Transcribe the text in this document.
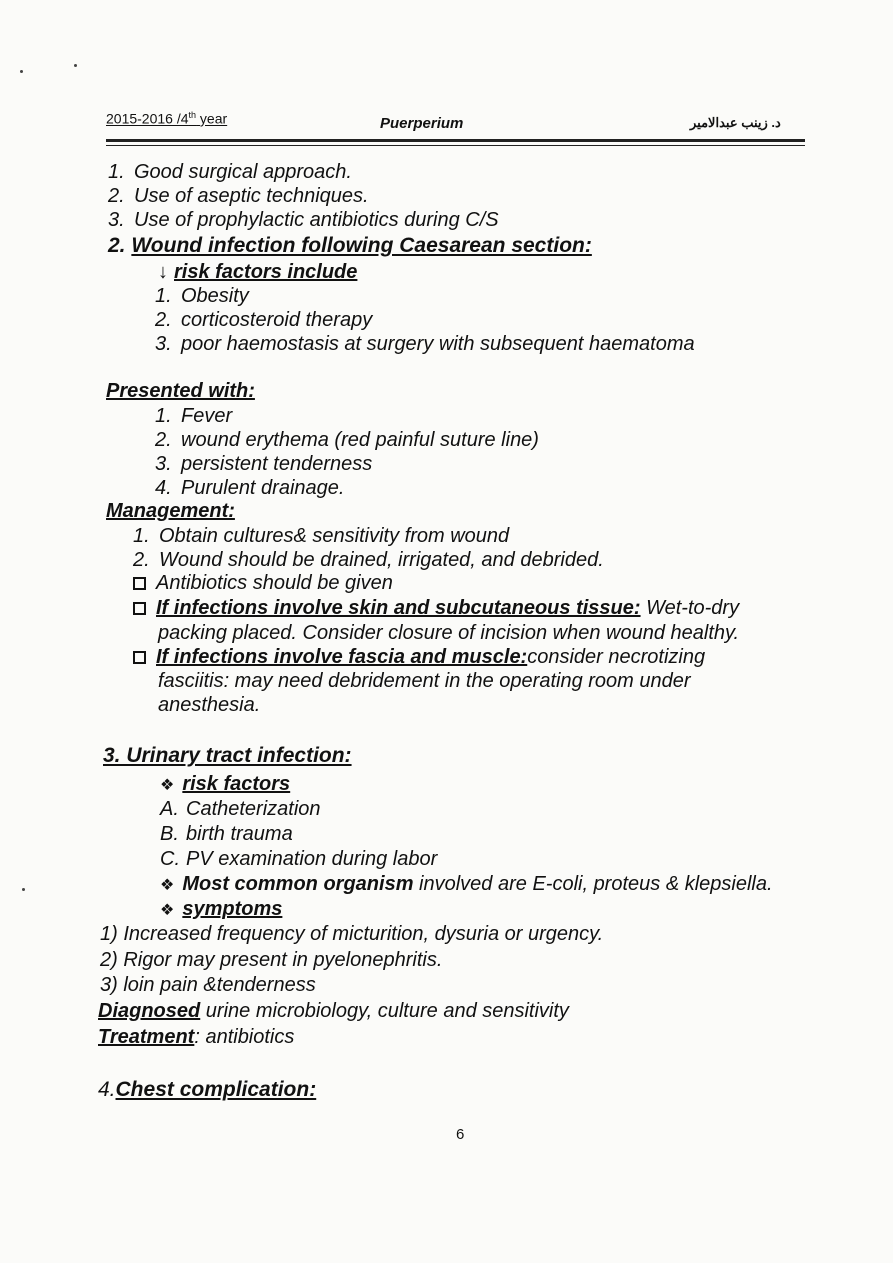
2015-2016 /4th year	Puerperium	د. زينب عبدالامير
1. Good surgical approach.
2. Use of aseptic techniques.
3. Use of prophylactic antibiotics during C/S
2. Wound infection following Caesarean section:
↓ risk factors include
1. Obesity
2. corticosteroid therapy
3. poor haemostasis at surgery with subsequent haematoma
Presented with:
1. Fever
2. wound erythema (red painful suture line)
3. persistent tenderness
4. Purulent drainage.
Management:
1. Obtain cultures& sensitivity from wound
2. Wound should be drained, irrigated, and debrided.
Antibiotics should be given
If infections involve skin and subcutaneous tissue: Wet-to-dry
packing placed. Consider closure of incision when wound healthy.
If infections involve fascia and muscle:consider necrotizing
fasciitis: may need debridement in the operating room under
anesthesia.
3. Urinary tract infection:
❖ risk factors
A. Catheterization
B. birth trauma
C. PV examination during labor
❖ Most common organism involved are E-coli, proteus & klepsiella.
❖ symptoms
1) Increased frequency of micturition, dysuria or urgency.
2) Rigor may present in pyelonephritis.
3) loin pain &tenderness
Diagnosed urine microbiology, culture and sensitivity
Treatment: antibiotics
4.Chest complication:
6
